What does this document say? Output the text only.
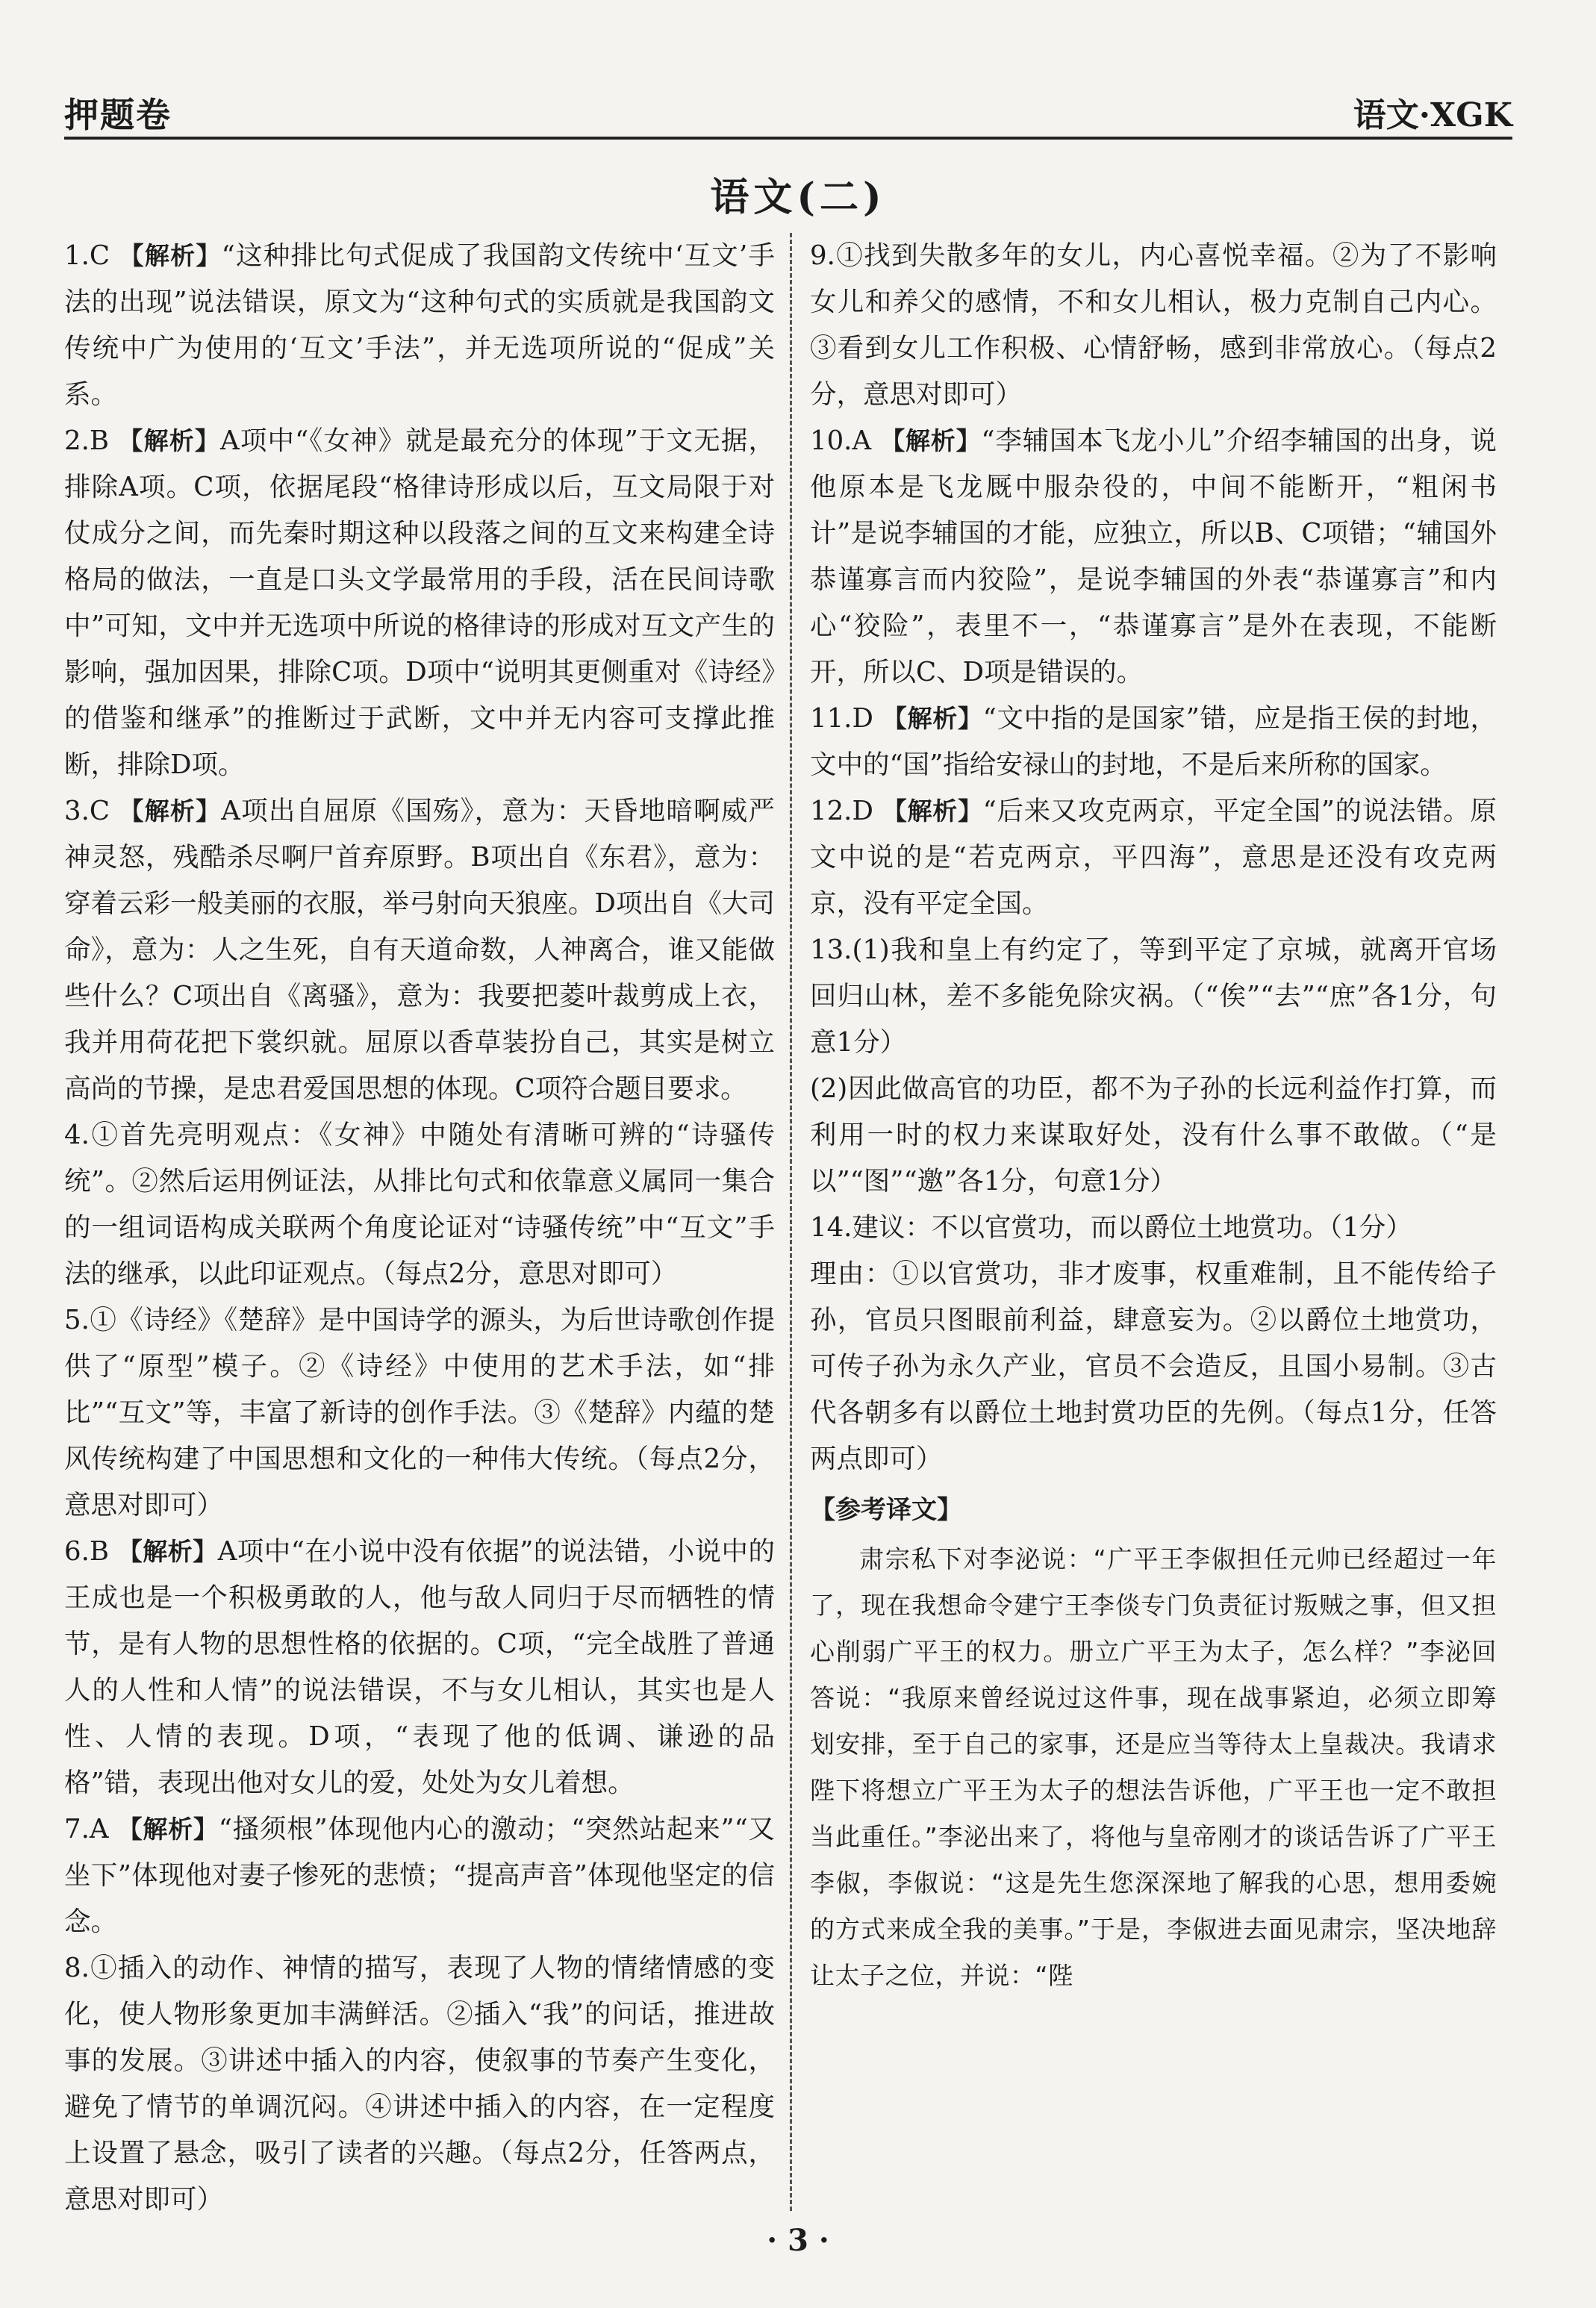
押题卷	语文·XGK
语文(二)

1.C 【解析】“这种排比句式促成了我国韵文传统中‘互文’手法的出现”说法错误，原文为“这种句式的实质就是我国韵文传统中广为使用的‘互文’手法”，并无选项所说的“促成”关系。

2.B 【解析】A项中“《女神》就是最充分的体现”于文无据，排除A项。C项，依据尾段“格律诗形成以后，互文局限于对仗成分之间，而先秦时期这种以段落之间的互文来构建全诗格局的做法，一直是口头文学最常用的手段，活在民间诗歌中”可知，文中并无选项中所说的格律诗的形成对互文产生的影响，强加因果，排除C项。D项中“说明其更侧重对《诗经》的借鉴和继承”的推断过于武断，文中并无内容可支撑此推断，排除D项。

3.C 【解析】A项出自屈原《国殇》，意为：天昏地暗啊威严神灵怒，残酷杀尽啊尸首弃原野。B项出自《东君》，意为：穿着云彩一般美丽的衣服，举弓射向天狼座。D项出自《大司命》，意为：人之生死，自有天道命数，人神离合，谁又能做些什么？C项出自《离骚》，意为：我要把菱叶裁剪成上衣，我并用荷花把下裳织就。屈原以香草装扮自己，其实是树立高尚的节操，是忠君爱国思想的体现。C项符合题目要求。

4.①首先亮明观点：《女神》中随处有清晰可辨的“诗骚传统”。②然后运用例证法，从排比句式和依靠意义属同一集合的一组词语构成关联两个角度论证对“诗骚传统”中“互文”手法的继承，以此印证观点。（每点2分，意思对即可）

5.①《诗经》《楚辞》是中国诗学的源头，为后世诗歌创作提供了“原型”模子。②《诗经》中使用的艺术手法，如“排比”“互文”等，丰富了新诗的创作手法。③《楚辞》内蕴的楚风传统构建了中国思想和文化的一种伟大传统。（每点2分，意思对即可）

6.B 【解析】A项中“在小说中没有依据”的说法错，小说中的王成也是一个积极勇敢的人，他与敌人同归于尽而牺牲的情节，是有人物的思想性格的依据的。C项，“完全战胜了普通人的人性和人情”的说法错误，不与女儿相认，其实也是人性、人情的表现。D项，“表现了他的低调、谦逊的品格”错，表现出他对女儿的爱，处处为女儿着想。

7.A 【解析】“搔须根”体现他内心的激动；“突然站起来”“又坐下”体现他对妻子惨死的悲愤；“提高声音”体现他坚定的信念。

8.①插入的动作、神情的描写，表现了人物的情绪情感的变化，使人物形象更加丰满鲜活。②插入“我”的问话，推进故事的发展。③讲述中插入的内容，使叙事的节奏产生变化，避免了情节的单调沉闷。④讲述中插入的内容，在一定程度上设置了悬念，吸引了读者的兴趣。（每点2分，任答两点，意思对即可）

9.①找到失散多年的女儿，内心喜悦幸福。②为了不影响女儿和养父的感情，不和女儿相认，极力克制自己内心。③看到女儿工作积极、心情舒畅，感到非常放心。（每点2分，意思对即可）

10.A 【解析】“李辅国本飞龙小儿”介绍李辅国的出身，说他原本是飞龙厩中服杂役的，中间不能断开，“粗闲书计”是说李辅国的才能，应独立，所以B、C项错；“辅国外恭谨寡言而内狡险”，是说李辅国的外表“恭谨寡言”和内心“狡险”，表里不一，“恭谨寡言”是外在表现，不能断开，所以C、D项是错误的。

11.D 【解析】“文中指的是国家”错，应是指王侯的封地，文中的“国”指给安禄山的封地，不是后来所称的国家。

12.D 【解析】“后来又攻克两京，平定全国”的说法错。原文中说的是“若克两京，平四海”，意思是还没有攻克两京，没有平定全国。

13.(1)我和皇上有约定了，等到平定了京城，就离开官场回归山林，差不多能免除灾祸。（“俟”“去”“庶”各1分，句意1分）

(2)因此做高官的功臣，都不为子孙的长远利益作打算，而利用一时的权力来谋取好处，没有什么事不敢做。（“是以”“图”“邀”各1分，句意1分）

14.建议：不以官赏功，而以爵位土地赏功。（1分）

理由：①以官赏功，非才废事，权重难制，且不能传给子孙，官员只图眼前利益，肆意妄为。②以爵位土地赏功，可传子孙为永久产业，官员不会造反，且国小易制。③古代各朝多有以爵位土地封赏功臣的先例。（每点1分，任答两点即可）

【参考译文】

肃宗私下对李泌说：“广平王李俶担任元帅已经超过一年了，现在我想命令建宁王李倓专门负责征讨叛贼之事，但又担心削弱广平王的权力。册立广平王为太子，怎么样？”李泌回答说：“我原来曾经说过这件事，现在战事紧迫，必须立即筹划安排，至于自己的家事，还是应当等待太上皇裁决。我请求陛下将想立广平王为太子的想法告诉他，广平王也一定不敢担当此重任。”李泌出来了，将他与皇帝刚才的谈话告诉了广平王李俶，李俶说：“这是先生您深深地了解我的心思，想用委婉的方式来成全我的美事。”于是，李俶进去面见肃宗，坚决地辞让太子之位，并说：“陛

· 3 ·
